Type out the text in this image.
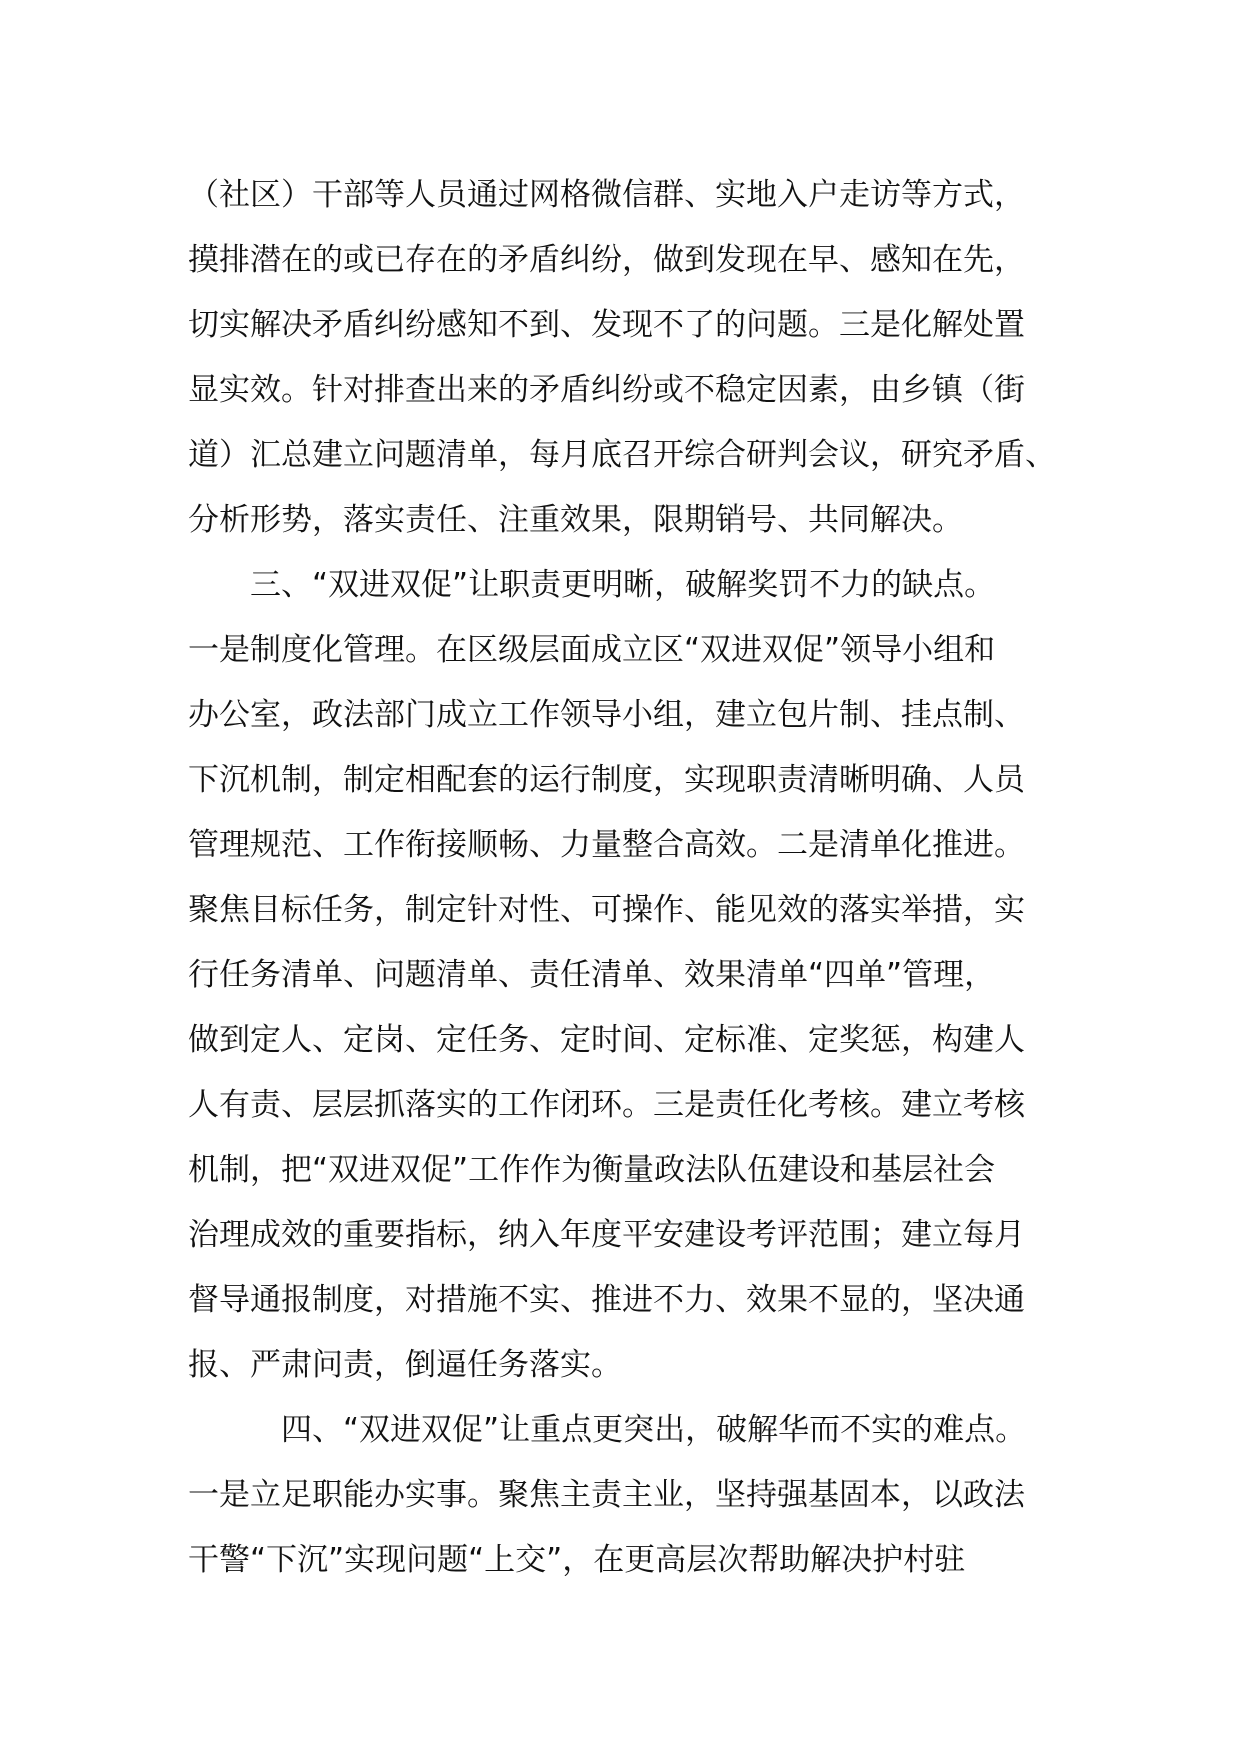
（社区）干部等人员通过网格微信群、实地入户走访等方式，
摸排潜在的或已存在的矛盾纠纷，做到发现在早、感知在先，
切实解决矛盾纠纷感知不到、发现不了的问题。三是化解处置
显实效。针对排查出来的矛盾纠纷或不稳定因素，由乡镇（街
道）汇总建立问题清单，每月底召开综合研判会议，研究矛盾、
分析形势，落实责任、注重效果，限期销号、共同解决。
　　三、“双进双促”让职责更明晰，破解奖罚不力的缺点。
一是制度化管理。在区级层面成立区“双进双促”领导小组和
办公室，政法部门成立工作领导小组，建立包片制、挂点制、
下沉机制，制定相配套的运行制度，实现职责清晰明确、人员
管理规范、工作衔接顺畅、力量整合高效。二是清单化推进。
聚焦目标任务，制定针对性、可操作、能见效的落实举措，实
行任务清单、问题清单、责任清单、效果清单“四单”管理，
做到定人、定岗、定任务、定时间、定标准、定奖惩，构建人
人有责、层层抓落实的工作闭环。三是责任化考核。建立考核
机制，把“双进双促”工作作为衡量政法队伍建设和基层社会
治理成效的重要指标，纳入年度平安建设考评范围；建立每月
督导通报制度，对措施不实、推进不力、效果不显的，坚决通
报、严肃问责，倒逼任务落实。
　　　四、“双进双促”让重点更突出，破解华而不实的难点。
一是立足职能办实事。聚焦主责主业，坚持强基固本，以政法
干警“下沉”实现问题“上交”，在更高层次帮助解决护村驻
